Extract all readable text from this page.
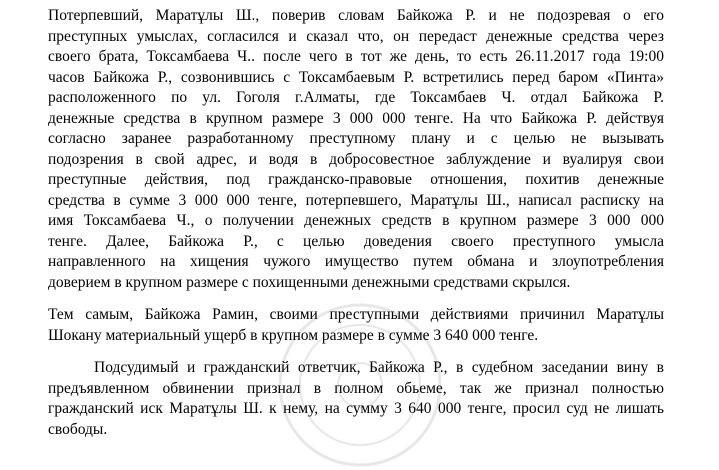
Потерпевший, Маратұлы Ш., поверив словам Байкожа Р. и не подозревая о его
преступных умыслах, согласился и сказал что, он передаст денежные средства через
своего брата, Токсамбаева Ч.. после чего в тот же день, то есть 26.11.2017 года 19:00
часов Байкожа Р., созвонившись с Токсамбаевым Р. встретились перед баром «Пинта»
расположенного по ул. Гоголя г.Алматы, где Токсамбаев Ч. отдал Байкожа Р.
денежные средства в крупном размере 3 000 000 тенге. На что Байкожа Р. действуя
согласно заранее разработанному преступному плану и с целью не вызывать
подозрения в свой адрес, и водя в добросовестное заблуждение и вуалируя свои
преступные действия, под гражданско-правовые отношения, похитив денежные
средства в сумме 3 000 000 тенге, потерпевшего, Маратұлы Ш., написал расписку на
имя Токсамбаева Ч., о получении денежных средств в крупном размере 3 000 000
тенге. Далее, Байкожа Р., с целью доведения своего преступного умысла
направленного на хищения чужого имущество путем обмана и злоупотребления
доверием в крупном размере с похищенными денежными средствами скрылся.
Тем самым, Байкожа Рамин, своими преступными действиями причинил Маратұлы
Шокану материальный ущерб в крупном размере в сумме 3 640 000 тенге.
Подсудимый и гражданский ответчик, Байкожа Р., в судебном заседании вину в
предъявленном обвинении признал в полном обьеме, так же признал полностью
гражданский иск Маратұлы Ш. к нему, на сумму 3 640 000 тенге, просил суд не лишать
свободы.
